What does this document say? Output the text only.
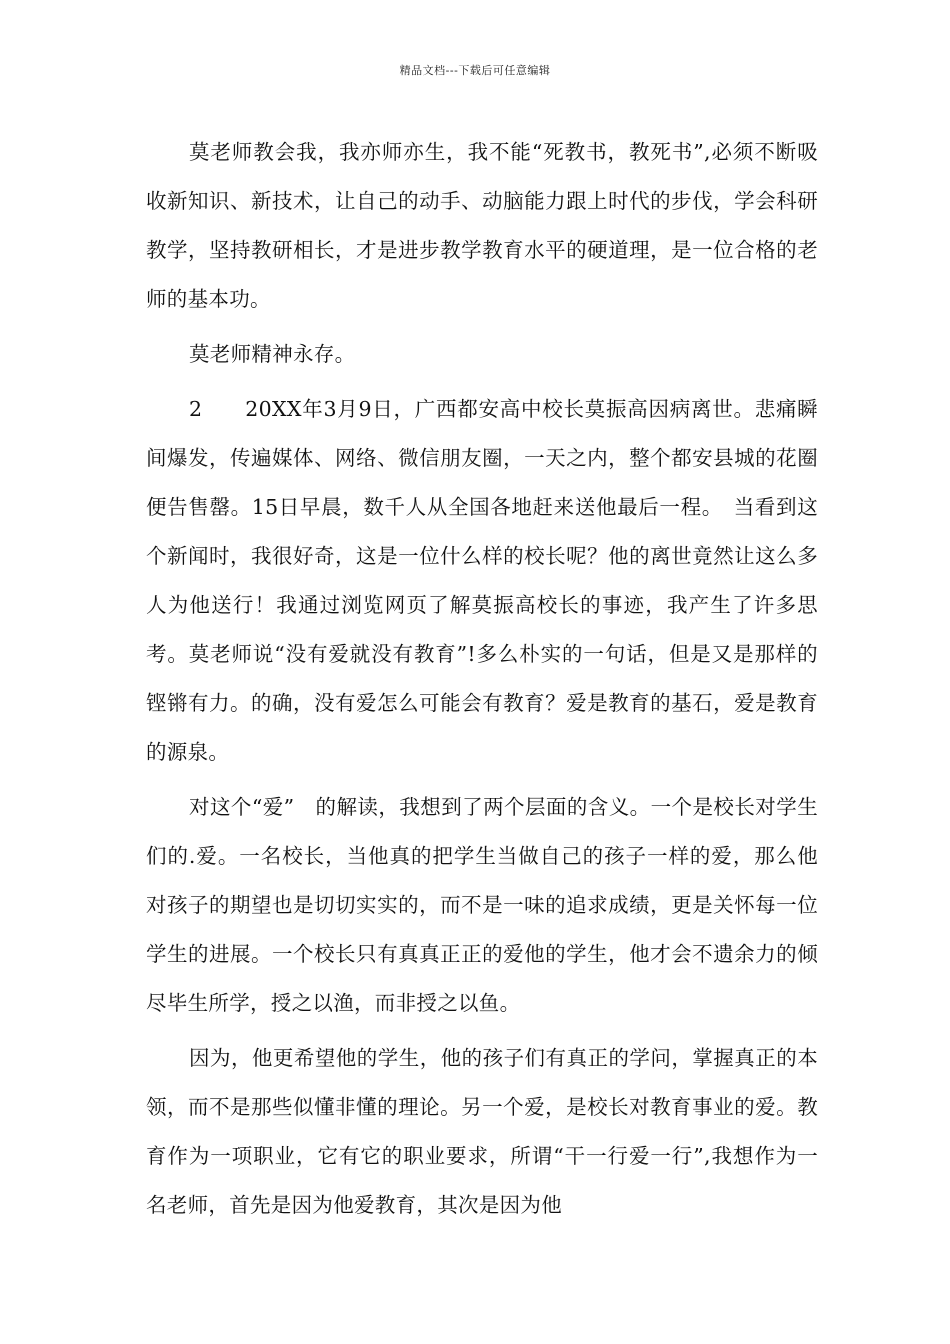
精品文档---下载后可任意编辑

莫老师教会我，我亦师亦生，我不能“死教书，教死书”,必须不断吸收新知识、新技术，让自己的动手、动脑能力跟上时代的步伐，学会科研教学，坚持教研相长，才是进步教学教育水平的硬道理，是一位合格的老师的基本功。

莫老师精神永存。

2　　20XX年3月9日，广西都安高中校长莫振高因病离世。悲痛瞬间爆发，传遍媒体、网络、微信朋友圈，一天之内，整个都安县城的花圈便告售罄。15日早晨，数千人从全国各地赶来送他最后一程。　当看到这个新闻时，我很好奇，这是一位什么样的校长呢？他的离世竟然让这么多人为他送行！我通过浏览网页了解莫振高校长的事迹，我产生了许多思考。莫老师说“没有爱就没有教育”!多么朴实的一句话，但是又是那样的铿锵有力。的确，没有爱怎么可能会有教育？爱是教育的基石，爱是教育的源泉。

对这个“爱”　的解读，我想到了两个层面的含义。一个是校长对学生们的.爱。一名校长，当他真的把学生当做自己的孩子一样的爱，那么他对孩子的期望也是切切实实的，而不是一味的追求成绩，更是关怀每一位学生的进展。一个校长只有真真正正的爱他的学生，他才会不遗余力的倾尽毕生所学，授之以渔，而非授之以鱼。

因为，他更希望他的学生，他的孩子们有真正的学问，掌握真正的本领，而不是那些似懂非懂的理论。另一个爱，是校长对教育事业的爱。教育作为一项职业，它有它的职业要求，所谓“干一行爱一行”,我想作为一名老师，首先是因为他爱教育，其次是因为他
